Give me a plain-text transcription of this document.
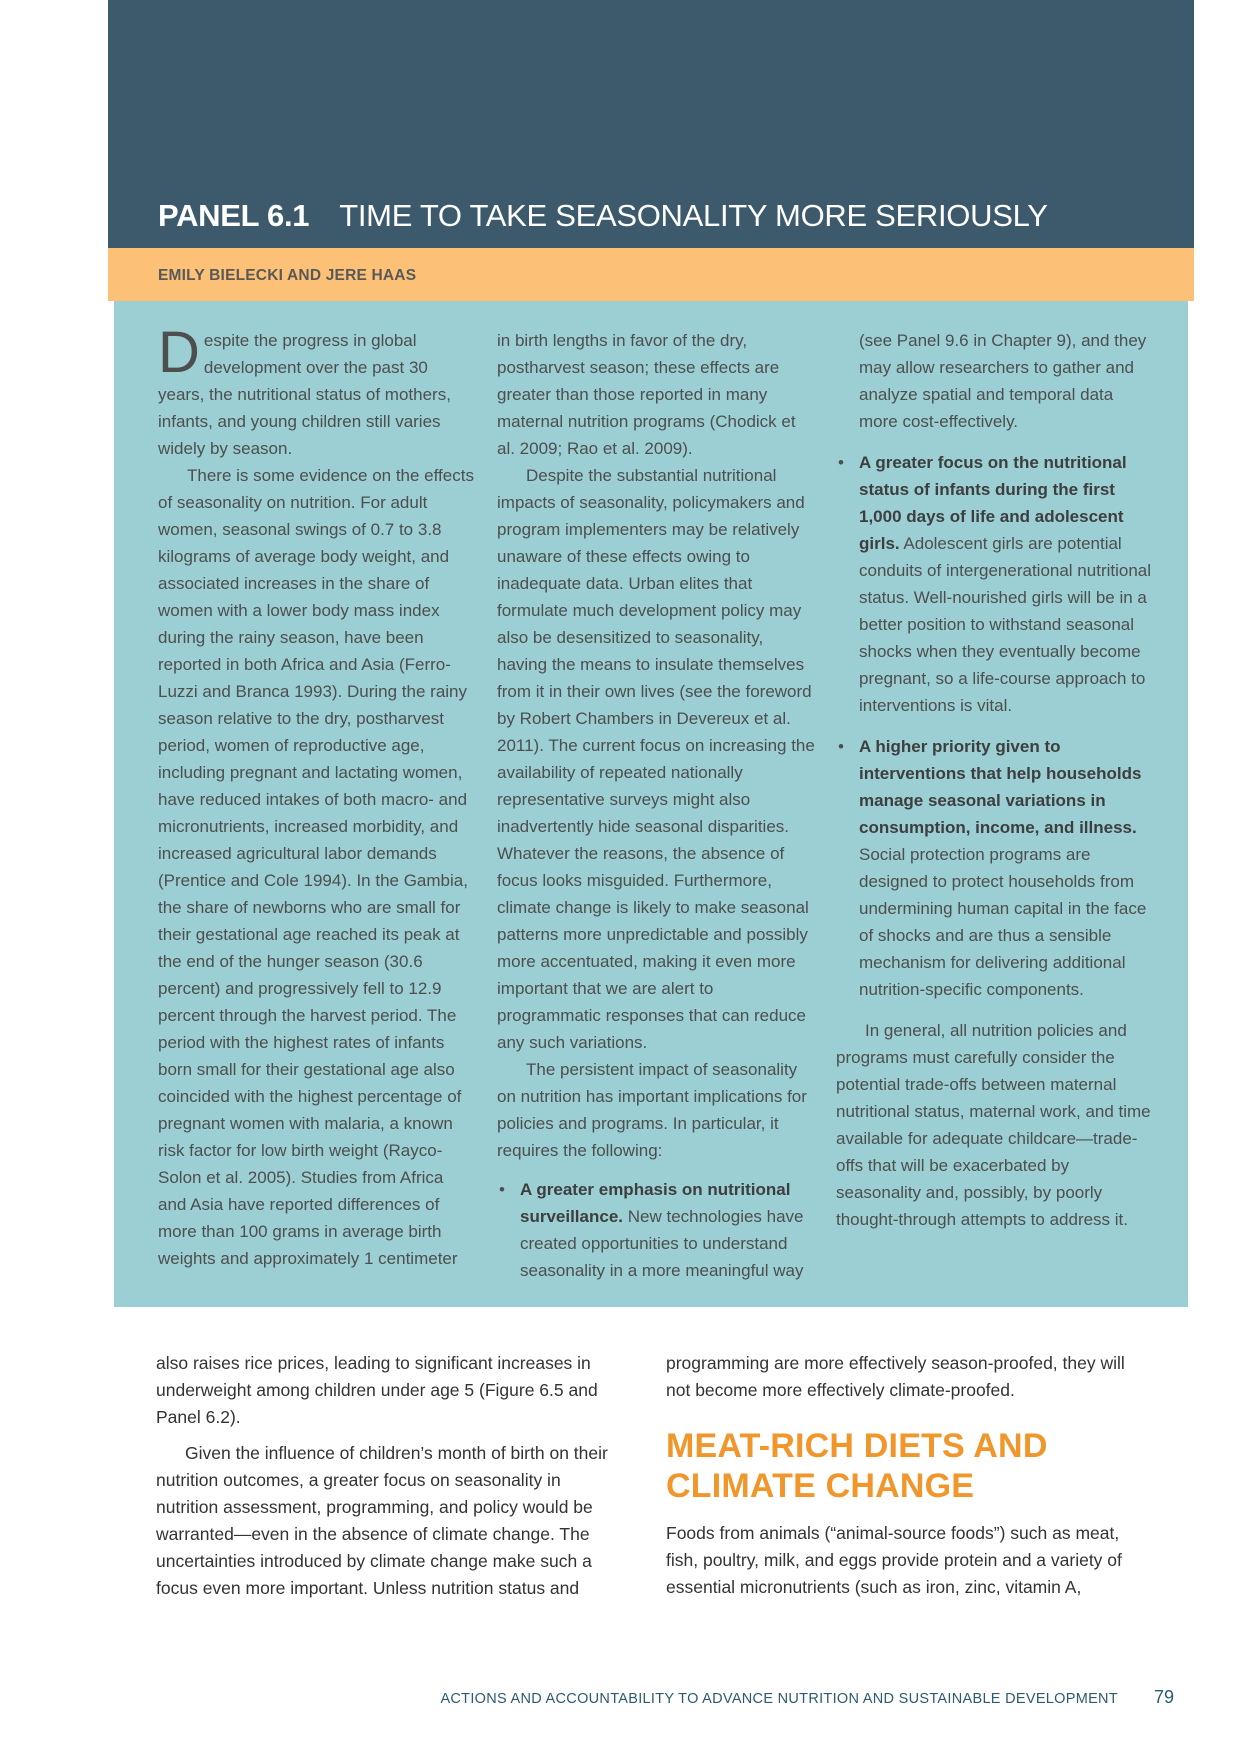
PANEL 6.1 TIME TO TAKE SEASONALITY MORE SERIOUSLY
EMILY BIELECKI AND JERE HAAS

Despite the progress in global development over the past 30 years, the nutritional status of mothers, infants, and young children still varies widely by season.

There is some evidence on the effects of seasonality on nutrition. For adult women, seasonal swings of 0.7 to 3.8 kilograms of average body weight, and associated increases in the share of women with a lower body mass index during the rainy season, have been reported in both Africa and Asia (Ferro-Luzzi and Branca 1993). During the rainy season relative to the dry, postharvest period, women of reproductive age, including pregnant and lactating women, have reduced intakes of both macro- and micronutrients, increased morbidity, and increased agricultural labor demands (Prentice and Cole 1994). In the Gambia, the share of newborns who are small for their gestational age reached its peak at the end of the hunger season (30.6 percent) and progressively fell to 12.9 percent through the harvest period. The period with the highest rates of infants born small for their gestational age also coincided with the highest percentage of pregnant women with malaria, a known risk factor for low birth weight (Rayco-Solon et al. 2005). Studies from Africa and Asia have reported differences of more than 100 grams in average birth weights and approximately 1 centimeter

in birth lengths in favor of the dry, postharvest season; these effects are greater than those reported in many maternal nutrition programs (Chodick et al. 2009; Rao et al. 2009).

Despite the substantial nutritional impacts of seasonality, policymakers and program implementers may be relatively unaware of these effects owing to inadequate data. Urban elites that formulate much development policy may also be desensitized to seasonality, having the means to insulate themselves from it in their own lives (see the foreword by Robert Chambers in Devereux et al. 2011). The current focus on increasing the availability of repeated nationally representative surveys might also inadvertently hide seasonal disparities. Whatever the reasons, the absence of focus looks misguided. Furthermore, climate change is likely to make seasonal patterns more unpredictable and possibly more accentuated, making it even more important that we are alert to programmatic responses that can reduce any such variations.

The persistent impact of seasonality on nutrition has important implications for policies and programs. In particular, it requires the following:

• A greater emphasis on nutritional surveillance. New technologies have created opportunities to understand seasonality in a more meaningful way

(see Panel 9.6 in Chapter 9), and they may allow researchers to gather and analyze spatial and temporal data more cost-effectively.

• A greater focus on the nutritional status of infants during the first 1,000 days of life and adolescent girls. Adolescent girls are potential conduits of intergenerational nutritional status. Well-nourished girls will be in a better position to withstand seasonal shocks when they eventually become pregnant, so a life-course approach to interventions is vital.

• A higher priority given to interventions that help households manage seasonal variations in consumption, income, and illness. Social protection programs are designed to protect households from undermining human capital in the face of shocks and are thus a sensible mechanism for delivering additional nutrition-specific components.

In general, all nutrition policies and programs must carefully consider the potential trade-offs between maternal nutritional status, maternal work, and time available for adequate childcare—trade-offs that will be exacerbated by seasonality and, possibly, by poorly thought-through attempts to address it.

also raises rice prices, leading to significant increases in underweight among children under age 5 (Figure 6.5 and Panel 6.2).

Given the influence of children’s month of birth on their nutrition outcomes, a greater focus on seasonality in nutrition assessment, programming, and policy would be warranted—even in the absence of climate change. The uncertainties introduced by climate change make such a focus even more important. Unless nutrition status and

programming are more effectively season-proofed, they will not become more effectively climate-proofed.

MEAT-RICH DIETS AND CLIMATE CHANGE

Foods from animals (“animal-source foods”) such as meat, fish, poultry, milk, and eggs provide protein and a variety of essential micronutrients (such as iron, zinc, vitamin A,

ACTIONS AND ACCOUNTABILITY TO ADVANCE NUTRITION AND SUSTAINABLE DEVELOPMENT 79
